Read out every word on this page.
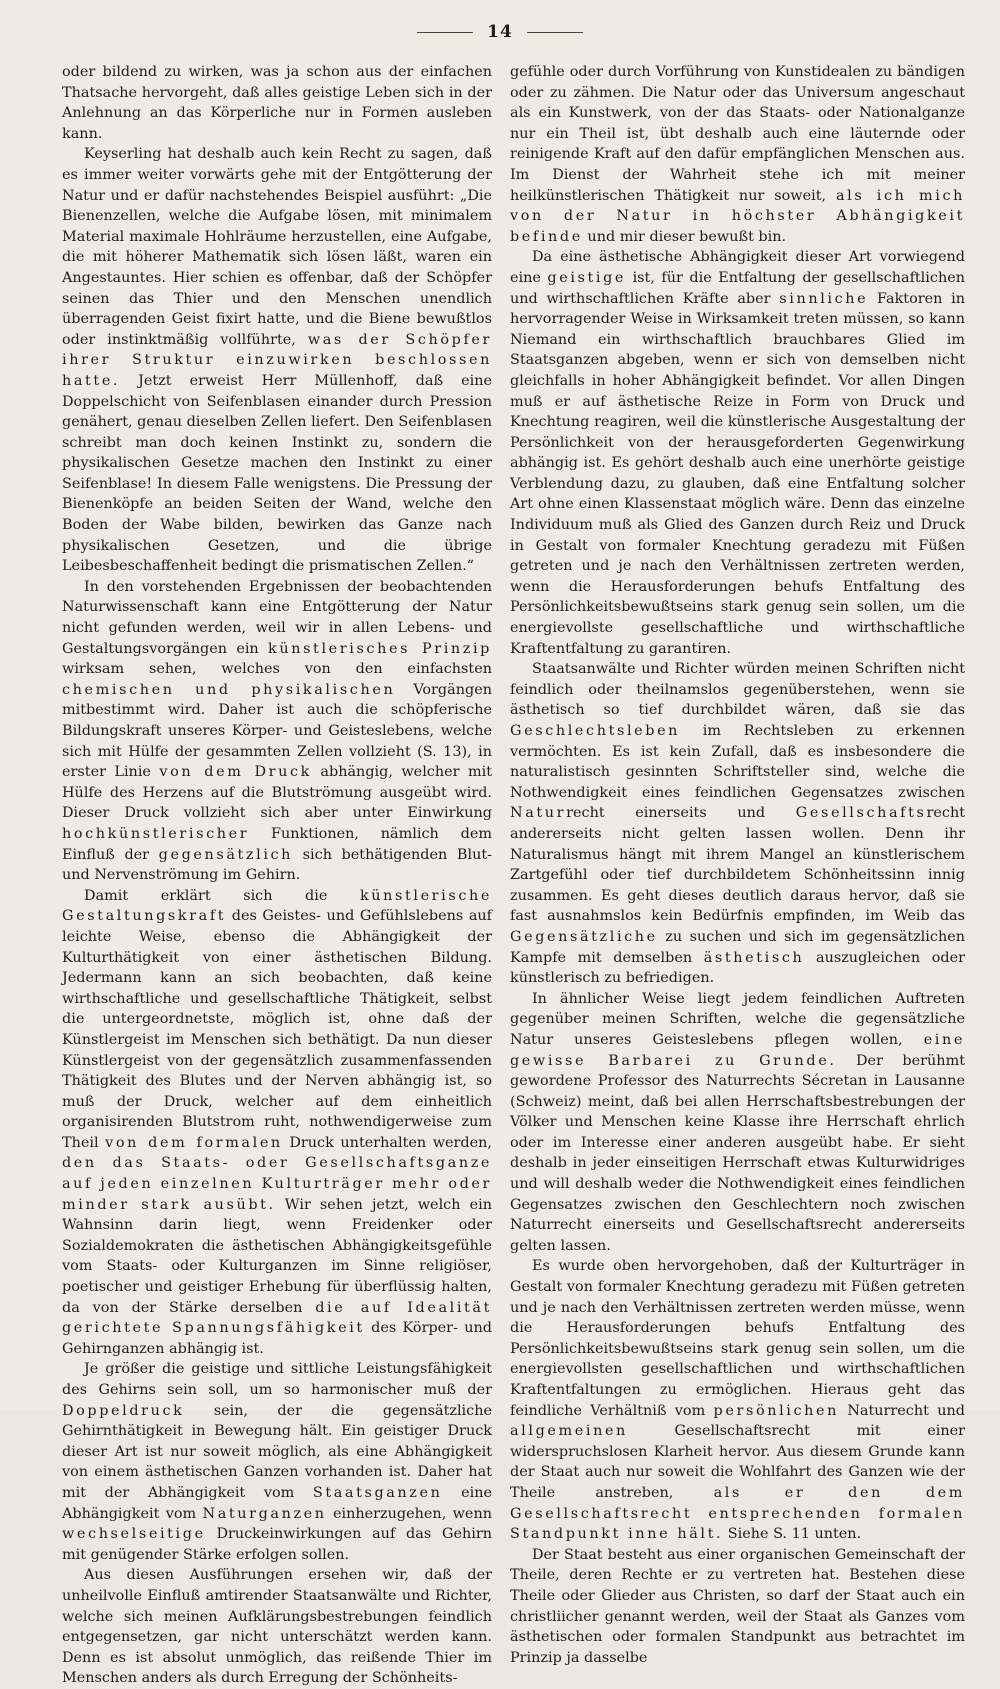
14

oder bildend zu wirken, was ja schon aus der einfachen Thatsache hervorgeht, daß alles geistige Leben sich in der Anlehnung an das Körperliche nur in Formen ausleben kann.

Keyserling hat deshalb auch kein Recht zu sagen, daß es immer weiter vorwärts gehe mit der Entgötterung der Natur und er dafür nachstehendes Beispiel ausführt: „Die Bienenzellen, welche die Aufgabe lösen, mit minimalem Material maximale Hohlräume herzustellen, eine Aufgabe, die mit höherer Mathematik sich lösen läßt, waren ein Angestauntes. Hier schien es offenbar, daß der Schöpfer seinen das Thier und den Menschen unendlich überragenden Geist fixirt hatte, und die Biene bewußtlos oder instinktmäßig vollführte, was der Schöpfer ihrer Struktur einzuwirken beschlossen hatte. Jetzt erweist Herr Müllenhoff, daß eine Doppelschicht von Seifenblasen einander durch Pression genähert, genau dieselben Zellen liefert. Den Seifenblasen schreibt man doch keinen Instinkt zu, sondern die physikalischen Gesetze machen den Instinkt zu einer Seifenblase! In diesem Falle wenigstens. Die Pressung der Bienenköpfe an beiden Seiten der Wand, welche den Boden der Wabe bilden, bewirken das Ganze nach physikalischen Gesetzen, und die übrige Leibesbeschaffenheit bedingt die prismatischen Zellen.“

In den vorstehenden Ergebnissen der beobachtenden Naturwissenschaft kann eine Entgötterung der Natur nicht gefunden werden, weil wir in allen Lebens- und Gestaltungsvorgängen ein künstlerisches Prinzip wirksam sehen, welches von den einfachsten chemischen und physikalischen Vorgängen mitbestimmt wird. Daher ist auch die schöpferische Bildungskraft unseres Körper- und Geisteslebens, welche sich mit Hülfe der gesammten Zellen vollzieht (S. 13), in erster Linie von dem Druck abhängig, welcher mit Hülfe des Herzens auf die Blutströmung ausgeübt wird. Dieser Druck vollzieht sich aber unter Einwirkung hochkünstlerischer Funktionen, nämlich dem Einfluß der gegensätzlich sich bethätigenden Blut- und Nervenströmung im Gehirn.

Damit erklärt sich die künstlerische Gestaltungskraft des Geistes- und Gefühlslebens auf leichte Weise, ebenso die Abhängigkeit der Kulturthätigkeit von einer ästhetischen Bildung. Jedermann kann an sich beobachten, daß keine wirthschaftliche und gesellschaftliche Thätigkeit, selbst die untergeordnetste, möglich ist, ohne daß der Künstlergeist im Menschen sich bethätigt. Da nun dieser Künstlergeist von der gegensätzlich zusammenfassenden Thätigkeit des Blutes und der Nerven abhängig ist, so muß der Druck, welcher auf dem einheitlich organisirenden Blutstrom ruht, nothwendigerweise zum Theil von dem formalen Druck unterhalten werden, den das Staats- oder Gesellschaftsganze auf jeden einzelnen Kulturträger mehr oder minder stark ausübt. Wir sehen jetzt, welch ein Wahnsinn darin liegt, wenn Freidenker oder Sozialdemokraten die ästhetischen Abhängigkeitsgefühle vom Staats- oder Kulturganzen im Sinne religiöser, poetischer und geistiger Erhebung für überflüssig halten, da von der Stärke derselben die auf Idealität gerichtete Spannungsfähigkeit des Körper- und Gehirnganzen abhängig ist.

Je größer die geistige und sittliche Leistungsfähigkeit des Gehirns sein soll, um so harmonischer muß der Doppeldruck sein, der die gegensätzliche Gehirnthätigkeit in Bewegung hält. Ein geistiger Druck dieser Art ist nur soweit möglich, als eine Abhängigkeit von einem ästhetischen Ganzen vorhanden ist. Daher hat mit der Abhängigkeit vom Staatsganzen eine Abhängigkeit vom Naturganzen einherzugehen, wenn wechselseitige Druckeinwirkungen auf das Gehirn mit genügender Stärke erfolgen sollen.

Aus diesen Ausführungen ersehen wir, daß der unheilvolle Einfluß amtirender Staatsanwälte und Richter, welche sich meinen Aufklärungsbestrebungen feindlich entgegensetzen, gar nicht unterschätzt werden kann. Denn es ist absolut unmöglich, das reißende Thier im Menschen anders als durch Erregung der Schönheits-

gefühle oder durch Vorführung von Kunstidealen zu bändigen oder zu zähmen. Die Natur oder das Universum angeschaut als ein Kunstwerk, von der das Staats- oder Nationalganze nur ein Theil ist, übt deshalb auch eine läuternde oder reinigende Kraft auf den dafür empfänglichen Menschen aus. Im Dienst der Wahrheit stehe ich mit meiner heilkünstlerischen Thätigkeit nur soweit, als ich mich von der Natur in höchster Abhängigkeit befinde und mir dieser bewußt bin.

Da eine ästhetische Abhängigkeit dieser Art vorwiegend eine geistige ist, für die Entfaltung der gesellschaftlichen und wirthschaftlichen Kräfte aber sinnliche Faktoren in hervorragender Weise in Wirksamkeit treten müssen, so kann Niemand ein wirthschaftlich brauchbares Glied im Staatsganzen abgeben, wenn er sich von demselben nicht gleichfalls in hoher Abhängigkeit befindet. Vor allen Dingen muß er auf ästhetische Reize in Form von Druck und Knechtung reagiren, weil die künstlerische Ausgestaltung der Persönlichkeit von der herausgeforderten Gegenwirkung abhängig ist. Es gehört deshalb auch eine unerhörte geistige Verblendung dazu, zu glauben, daß eine Entfaltung solcher Art ohne einen Klassenstaat möglich wäre. Denn das einzelne Individuum muß als Glied des Ganzen durch Reiz und Druck in Gestalt von formaler Knechtung geradezu mit Füßen getreten und je nach den Verhältnissen zertreten werden, wenn die Herausforderungen behufs Entfaltung des Persönlichkeitsbewußtseins stark genug sein sollen, um die energievollste gesellschaftliche und wirthschaftliche Kraftentfaltung zu garantiren.

Staatsanwälte und Richter würden meinen Schriften nicht feindlich oder theilnamslos gegenüberstehen, wenn sie ästhetisch so tief durchbildet wären, daß sie das Geschlechtsleben im Rechtsleben zu erkennen vermöchten. Es ist kein Zufall, daß es insbesondere die naturalistisch gesinnten Schriftsteller sind, welche die Nothwendigkeit eines feindlichen Gegensatzes zwischen Naturrecht einerseits und Gesellschaftsrecht andererseits nicht gelten lassen wollen. Denn ihr Naturalismus hängt mit ihrem Mangel an künstlerischem Zartgefühl oder tief durchbildetem Schönheitssinn innig zusammen. Es geht dieses deutlich daraus hervor, daß sie fast ausnahmslos kein Bedürfnis empfinden, im Weib das Gegensätzliche zu suchen und sich im gegensätzlichen Kampfe mit demselben ästhetisch auszugleichen oder künstlerisch zu befriedigen.

In ähnlicher Weise liegt jedem feindlichen Auftreten gegenüber meinen Schriften, welche die gegensätzliche Natur unseres Geisteslebens pflegen wollen, eine gewisse Barbarei zu Grunde. Der berühmt gewordene Professor des Naturrechts Sécretan in Lausanne (Schweiz) meint, daß bei allen Herrschaftsbestrebungen der Völker und Menschen keine Klasse ihre Herrschaft ehrlich oder im Interesse einer anderen ausgeübt habe. Er sieht deshalb in jeder einseitigen Herrschaft etwas Kulturwidriges und will deshalb weder die Nothwendigkeit eines feindlichen Gegensatzes zwischen den Geschlechtern noch zwischen Naturrecht einerseits und Gesellschaftsrecht andererseits gelten lassen.

Es wurde oben hervorgehoben, daß der Kulturträger in Gestalt von formaler Knechtung geradezu mit Füßen getreten und je nach den Verhältnissen zertreten werden müsse, wenn die Herausforderungen behufs Entfaltung des Persönlichkeitsbewußtseins stark genug sein sollen, um die energievollsten gesellschaftlichen und wirthschaftlichen Kraftentfaltungen zu ermöglichen. Hieraus geht das feindliche Verhältniß vom persönlichen Naturrecht und allgemeinen Gesellschaftsrecht mit einer widerspruchslosen Klarheit hervor. Aus diesem Grunde kann der Staat auch nur soweit die Wohlfahrt des Ganzen wie der Theile anstreben, als er den dem Gesellschaftsrecht entsprechenden formalen Standpunkt inne hält. Siehe S. 11 unten.

Der Staat besteht aus einer organischen Gemeinschaft der Theile, deren Rechte er zu vertreten hat. Bestehen diese Theile oder Glieder aus Christen, so darf der Staat auch ein christliicher genannt werden, weil der Staat als Ganzes vom ästhetischen oder formalen Standpunkt aus betrachtet im Prinzip ja dasselbe
